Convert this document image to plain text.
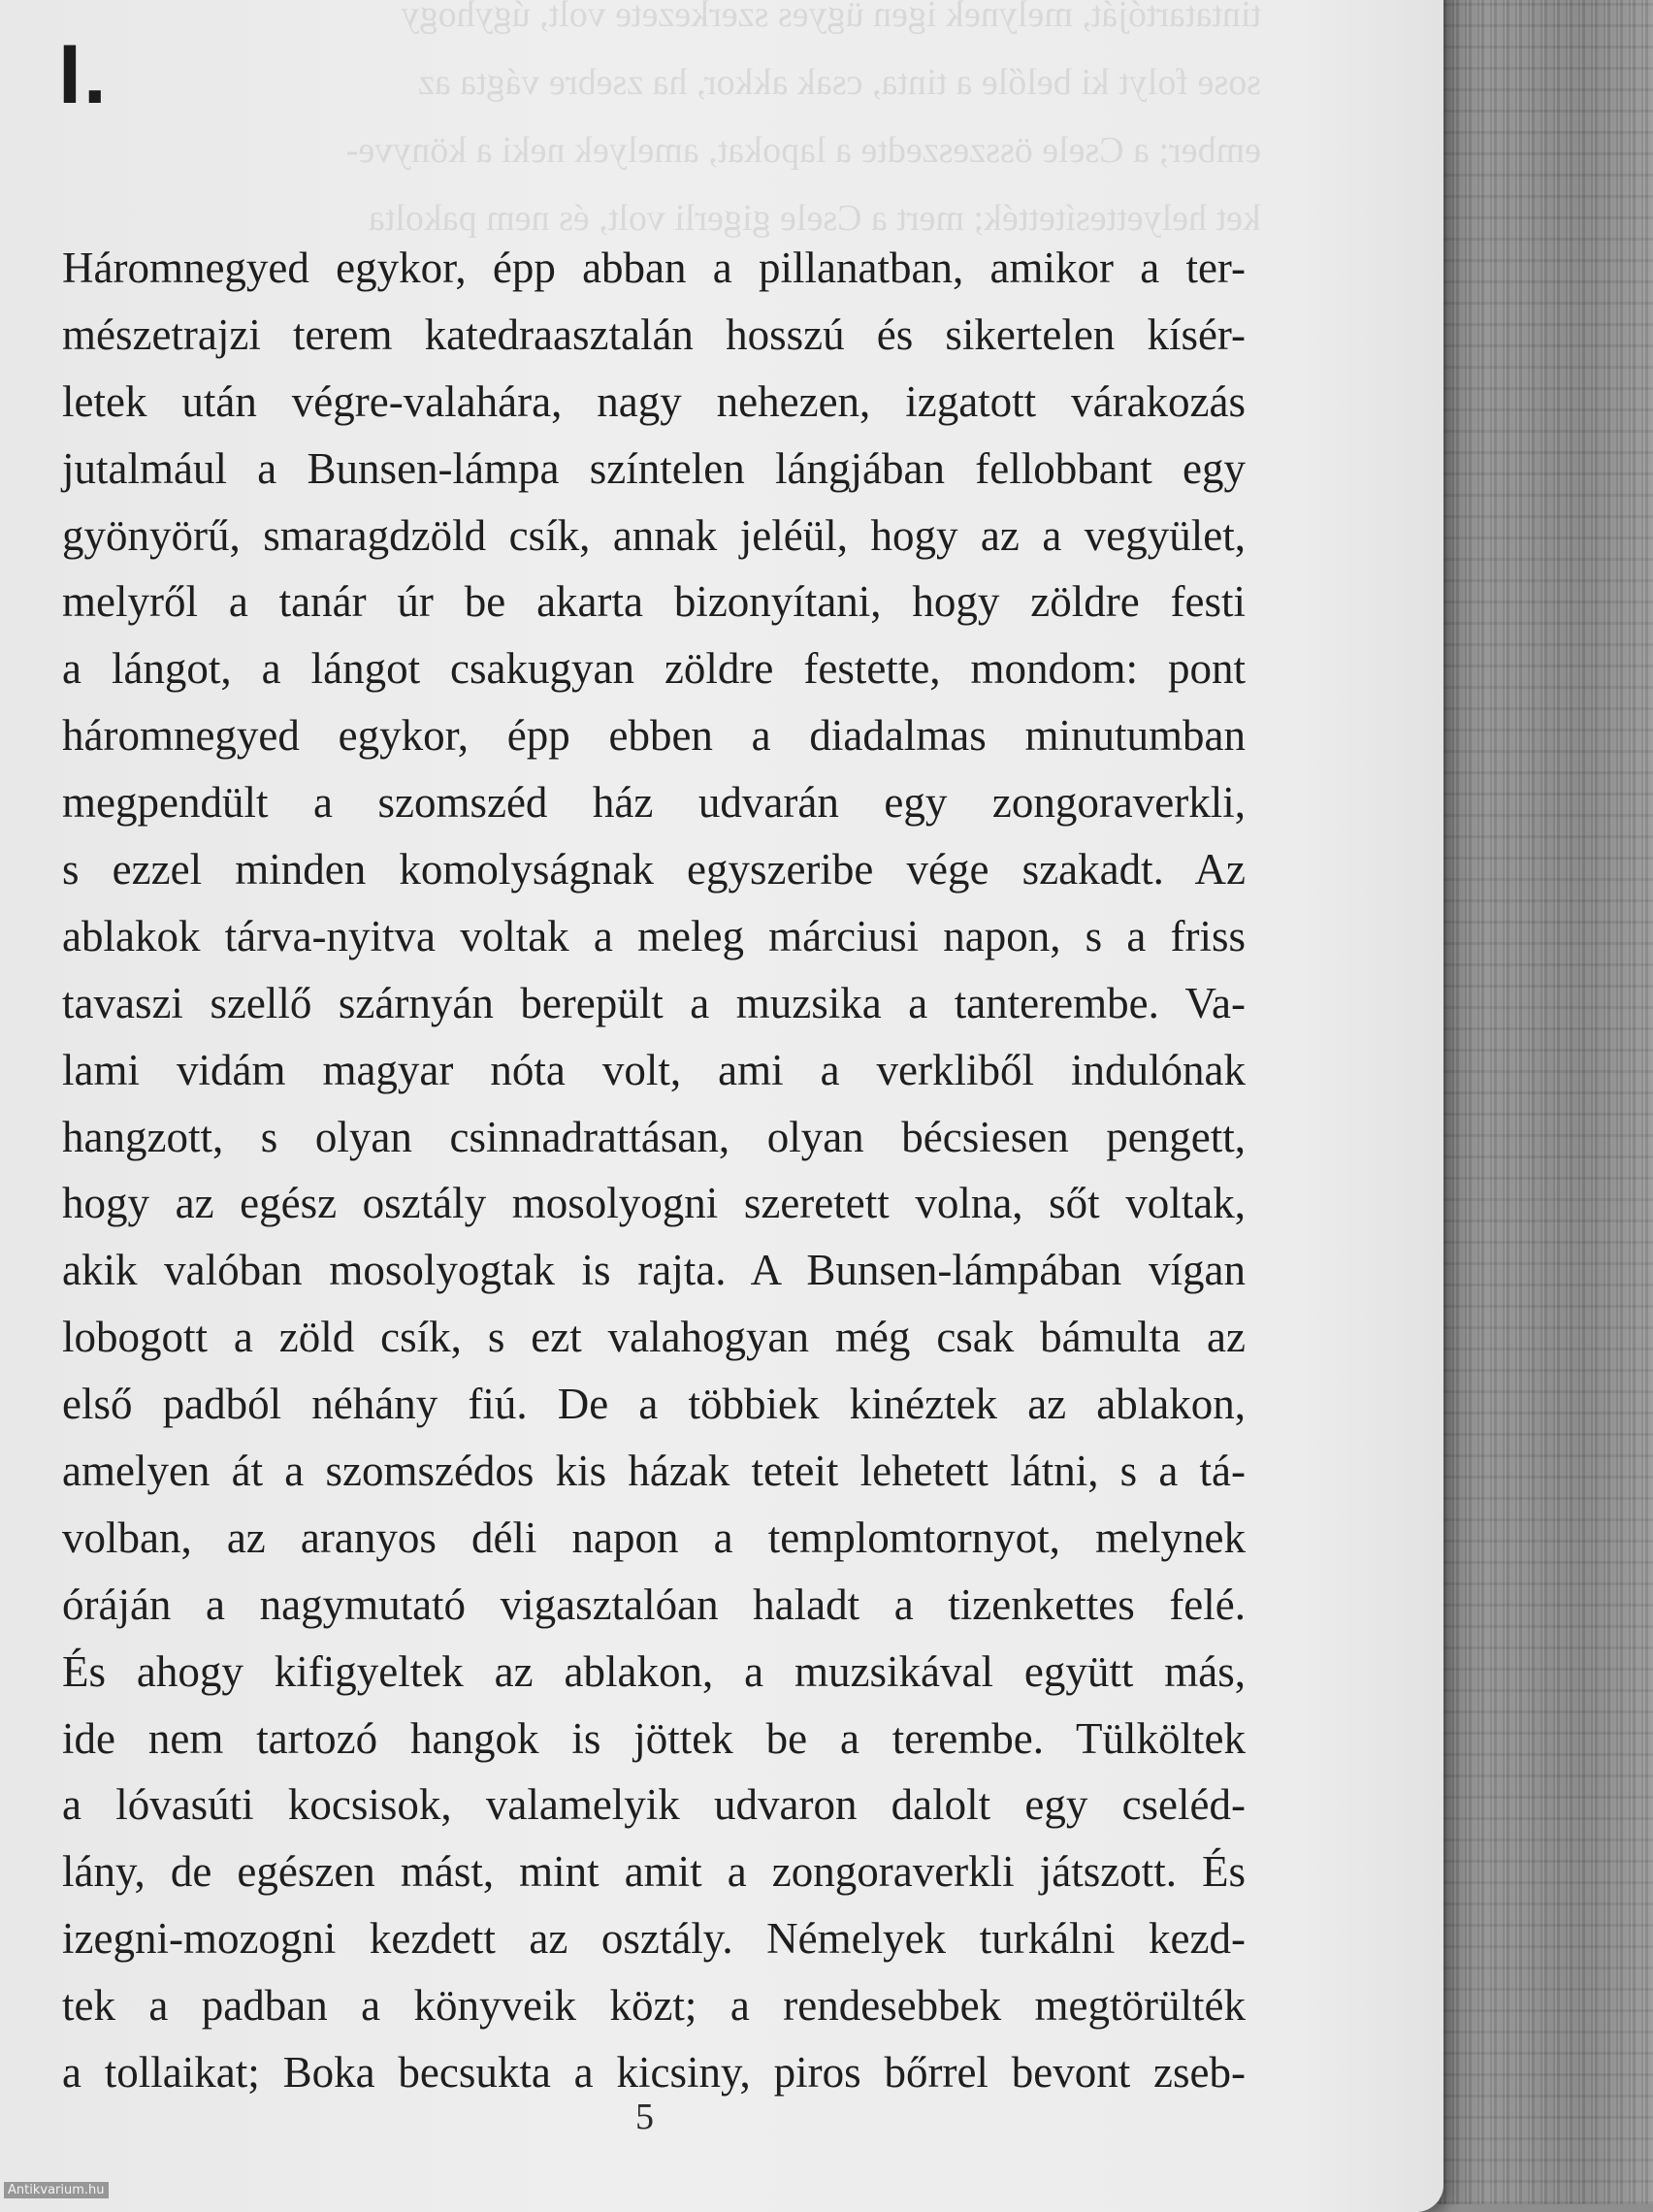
tintatartóját, melynek igen ügyes szerkezete volt, úgyhogy
sose folyt ki belőle a tinta, csak akkor, ha zsebre vágta az
ember; a Csele összeszedte a lapokat, amelyek neki a könyve-
ket helyettesítették; mert a Csele gigerli volt, és nem pakolta
I.
Háromnegyed egykor, épp abban a pillanatban, amikor a ter-
mészetrajzi terem katedraasztalán hosszú és sikertelen kísér-
letek után végre-valahára, nagy nehezen, izgatott várakozás
jutalmául a Bunsen-lámpa színtelen lángjában fellobbant egy
gyönyörű, smaragdzöld csík, annak jeléül, hogy az a vegyület,
melyről a tanár úr be akarta bizonyítani, hogy zöldre festi
a lángot, a lángot csakugyan zöldre festette, mondom: pont
háromnegyed egykor, épp ebben a diadalmas minutumban
megpendült a szomszéd ház udvarán egy zongoraverkli,
s ezzel minden komolyságnak egyszeribe vége szakadt. Az
ablakok tárva-nyitva voltak a meleg márciusi napon, s a friss
tavaszi szellő szárnyán berepült a muzsika a tanterembe. Va-
lami vidám magyar nóta volt, ami a verkliből indulónak
hangzott, s olyan csinnadrattásan, olyan bécsiesen pengett,
hogy az egész osztály mosolyogni szeretett volna, sőt voltak,
akik valóban mosolyogtak is rajta. A Bunsen-lámpában vígan
lobogott a zöld csík, s ezt valahogyan még csak bámulta az
első padból néhány fiú. De a többiek kinéztek az ablakon,
amelyen át a szomszédos kis házak teteit lehetett látni, s a tá-
volban, az aranyos déli napon a templomtornyot, melynek
óráján a nagymutató vigasztalóan haladt a tizenkettes felé.
És ahogy kifigyeltek az ablakon, a muzsikával együtt más,
ide nem tartozó hangok is jöttek be a terembe. Tülköltek
a lóvasúti kocsisok, valamelyik udvaron dalolt egy cseléd-
lány, de egészen mást, mint amit a zongoraverkli játszott. És
izegni-mozogni kezdett az osztály. Némelyek turkálni kezd-
tek a padban a könyveik közt; a rendesebbek megtörülték
a tollaikat; Boka becsukta a kicsiny, piros bőrrel bevont zseb-
5
Antikvarium.hu
